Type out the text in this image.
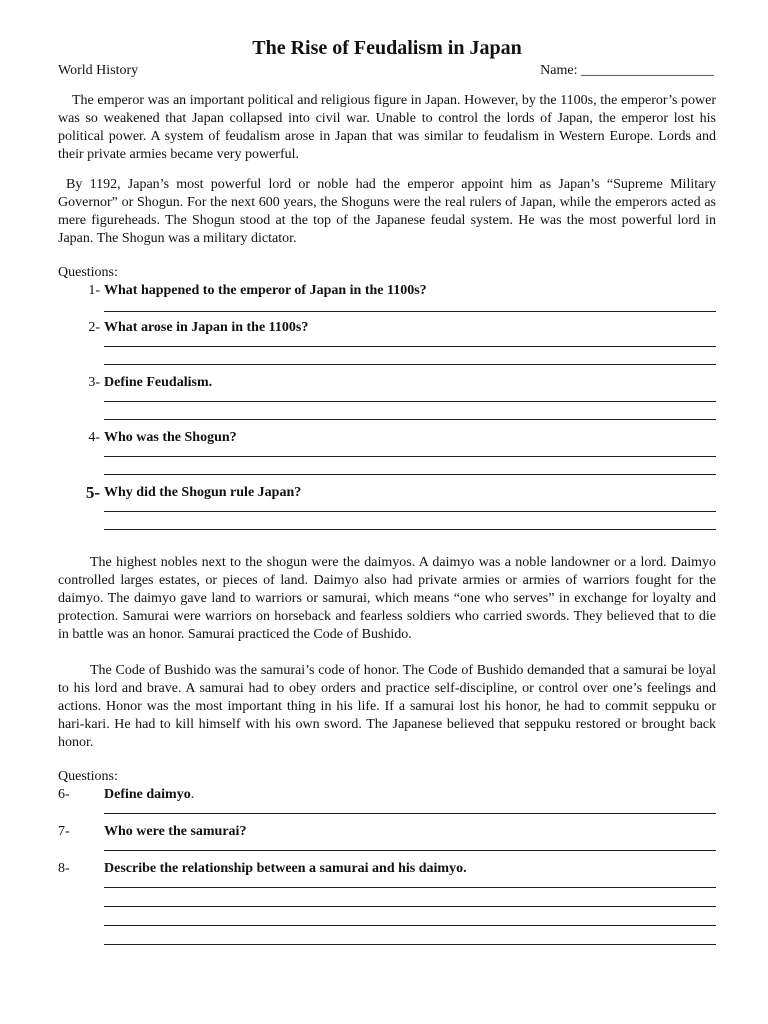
The Rise of Feudalism in Japan
World History	Name: ___________________

The emperor was an important political and religious figure in Japan. However, by the 1100s, the emperor’s power was so weakened that Japan collapsed into civil war. Unable to control the lords of Japan, the emperor lost his political power. A system of feudalism arose in Japan that was similar to feudalism in Western Europe. Lords and their private armies became very powerful.

By 1192, Japan’s most powerful lord or noble had the emperor appoint him as Japan’s “Supreme Military Governor” or Shogun. For the next 600 years, the Shoguns were the real rulers of Japan, while the emperors acted as mere figureheads. The Shogun stood at the top of the Japanese feudal system. He was the most powerful lord in Japan. The Shogun was a military dictator.

Questions:
1- What happened to the emperor of Japan in the 1100s?
2- What arose in Japan in the 1100s?
3- Define Feudalism.
4- Who was the Shogun?
5- Why did the Shogun rule Japan?

The highest nobles next to the shogun were the daimyos. A daimyo was a noble landowner or a lord. Daimyo controlled larges estates, or pieces of land. Daimyo also had private armies or armies of warriors fought for the daimyo. The daimyo gave land to warriors or samurai, which means “one who serves” in exchange for loyalty and protection. Samurai were warriors on horseback and fearless soldiers who carried swords. They believed that to die in battle was an honor. Samurai practiced the Code of Bushido.

The Code of Bushido was the samurai’s code of honor. The Code of Bushido demanded that a samurai be loyal to his lord and brave. A samurai had to obey orders and practice self-discipline, or control over one’s feelings and actions. Honor was the most important thing in his life. If a samurai lost his honor, he had to commit seppuku or hari-kari. He had to kill himself with his own sword. The Japanese believed that seppuku restored or brought back honor.

Questions:
6-	Define daimyo.
7-	Who were the samurai?
8-	Describe the relationship between a samurai and his daimyo.
